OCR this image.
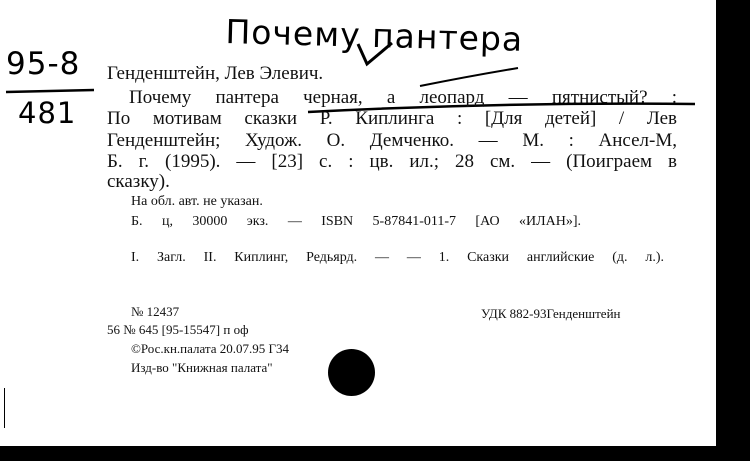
Почему пантера
95-8
481
Генденштейн, Лев Элевич.
Почему пантера черная, а леопард — пятнистый? :
По мотивам сказки Р. Киплинга : [Для детей] / Лев
Генденштейн; Худож. О. Демченко. — М. : Ансел-М,
Б. г. (1995). — [23] с. : цв. ил.; 28 см. — (Поиграем в
сказку).
На обл. авт. не указан.
Б. ц, 30000 экз. — ISBN 5-87841-011-7 [АО «ИЛАН»].
I. Загл. II. Киплинг, Редьярд. — — 1. Сказки английские (д. л.).
№ 12437
56 № 645 [95-15547] п оф
©Рос.кн.палата 20.07.95 Г34
Изд-во "Книжная палата"
УДК 882-93Генденштейн
